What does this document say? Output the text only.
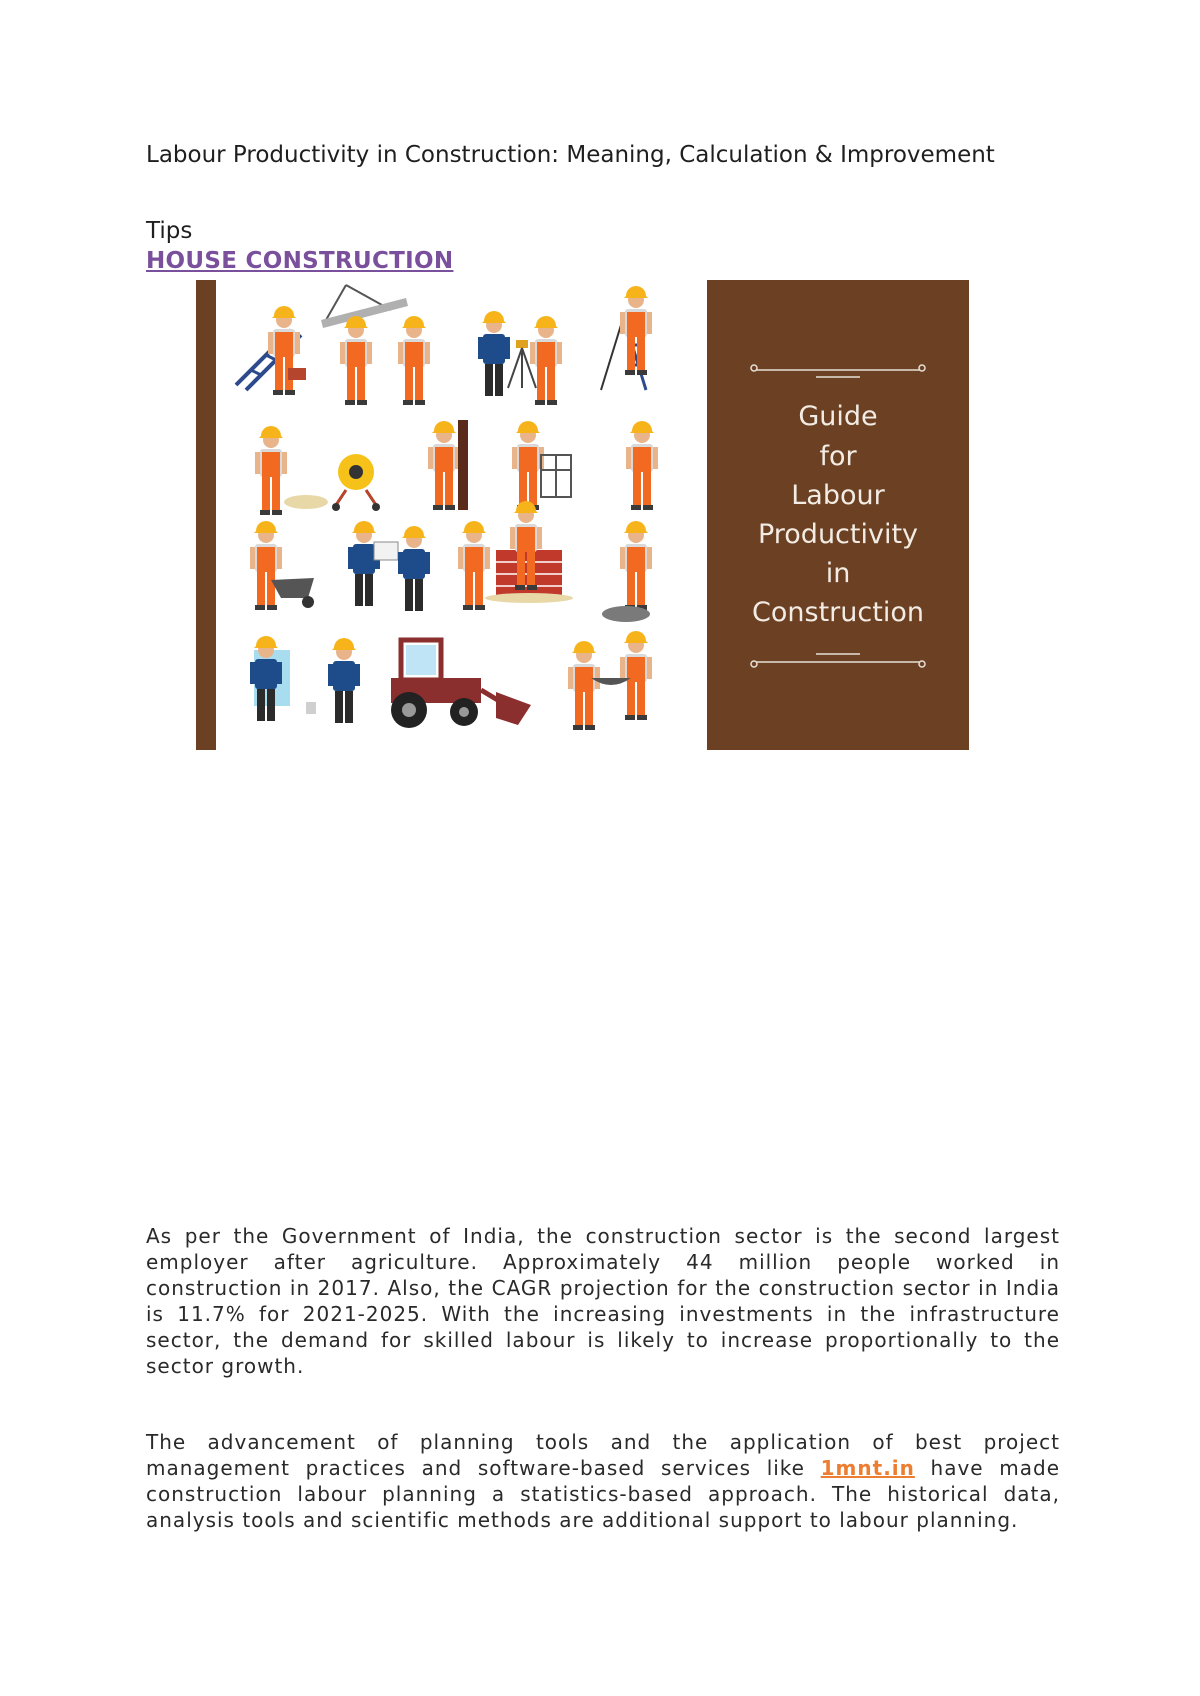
Labour Productivity in Construction: Meaning, Calculation & Improvement
Tips
HOUSE CONSTRUCTION
Guide
for
Labour
Productivity
in
Construction

As per the Government of India, the construction sector is the second largest employer after agriculture. Approximately 44 million people worked in construction in 2017. Also, the CAGR projection for the construction sector in India is 11.7% for 2021-2025. With the increasing investments in the infrastructure sector, the demand for skilled labour is likely to increase proportionally to the sector growth.

The advancement of planning tools and the application of best project management practices and software-based services like 1mnt.in have made construction labour planning a statistics-based approach. The historical data, analysis tools and scientific methods are additional support to labour planning.
